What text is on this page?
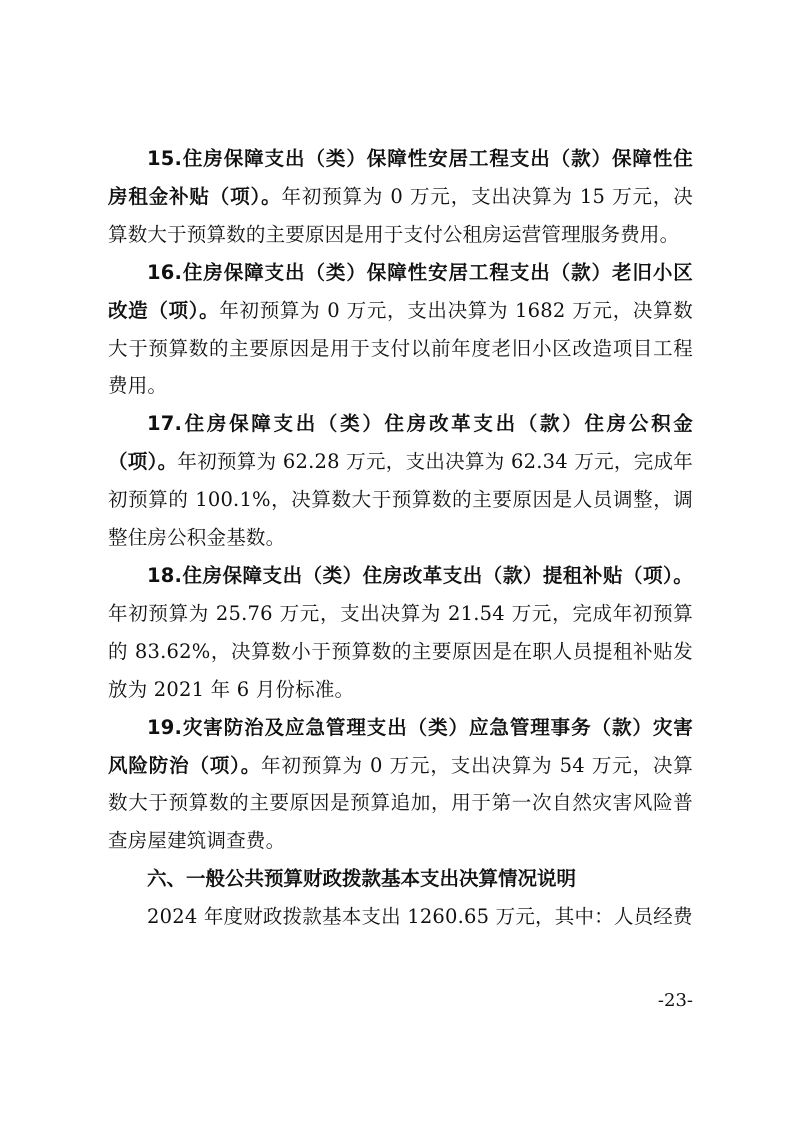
15.住房保障支出（类）保障性安居工程支出（款）保障性住房租金补贴（项）。年初预算为 0 万元，支出决算为 15 万元，决算数大于预算数的主要原因是用于支付公租房运营管理服务费用。

16.住房保障支出（类）保障性安居工程支出（款）老旧小区改造（项）。年初预算为 0 万元，支出决算为 1682 万元，决算数大于预算数的主要原因是用于支付以前年度老旧小区改造项目工程费用。

17.住房保障支出（类）住房改革支出（款）住房公积金（项）。年初预算为 62.28 万元，支出决算为 62.34 万元，完成年初预算的 100.1%，决算数大于预算数的主要原因是人员调整，调整住房公积金基数。

18.住房保障支出（类）住房改革支出（款）提租补贴（项）。年初预算为 25.76 万元，支出决算为 21.54 万元，完成年初预算的 83.62%，决算数小于预算数的主要原因是在职人员提租补贴发放为 2021 年 6 月份标准。

19.灾害防治及应急管理支出（类）应急管理事务（款）灾害风险防治（项）。年初预算为 0 万元，支出决算为 54 万元，决算数大于预算数的主要原因是预算追加，用于第一次自然灾害风险普查房屋建筑调查费。

六、一般公共预算财政拨款基本支出决算情况说明

2024 年度财政拨款基本支出 1260.65 万元，其中：人员经费

-23-
